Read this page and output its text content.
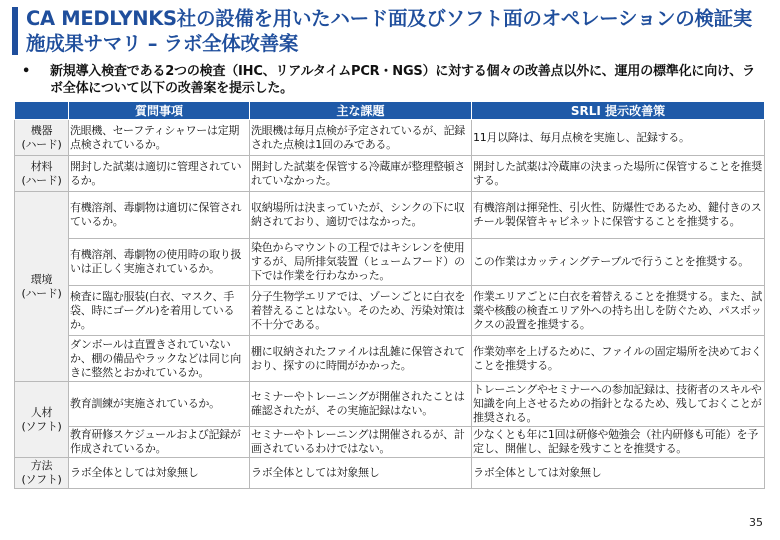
CA MEDLYNKS社の設備を用いたハード面及びソフト面のオペレーションの検証実施成果サマリ – ラボ全体改善案
• 新規導入検査である2つの検査（IHC、リアルタイムPCR・NGS）に対する個々の改善点以外に、運用の標準化に向け、ラボ全体について以下の改善案を提示した。
	質問事項	主な課題	SRLI 提示改善策
機器
(ハード)	洗眼機、セーフティシャワーは定期点検されているか。	洗眼機は毎月点検が予定されているが、記録された点検は1回のみである。	11月以降は、毎月点検を実施し、記録する。
材料
(ハード)	開封した試薬は適切に管理されているか。	開封した試薬を保管する冷蔵庫が整理整頓されていなかった。	開封した試薬は冷蔵庫の決まった場所に保管することを推奨する。
環境
(ハード)	有機溶剤、毒劇物は適切に保管されているか。	収納場所は決まっていたが、シンクの下に収納されており、適切ではなかった。	有機溶剤は揮発性、引火性、防爆性であるため、鍵付きのスチール製保管キャビネットに保管することを推奨する。
	有機溶剤、毒劇物の使用時の取り扱いは正しく実施されているか。	染色からマウントの工程ではキシレンを使用するが、局所排気装置（ヒュームフード）の下では作業を行わなかった。	この作業はカッティングテーブルで行うことを推奨する。
	検査に臨む服装(白衣、マスク、手袋、時にゴーグル)を着用しているか。	分子生物学エリアでは、ゾーンごとに白衣を着替えることはない。そのため、汚染対策は不十分である。	作業エリアごとに白衣を着替えることを推奨する。また、試薬や核酸の検査エリア外への持ち出しを防ぐため、パスボックスの設置を推奨する。
	ダンボールは直置きされていないか、棚の備品やラックなどは同じ向きに整然とおかれているか。	棚に収納されたファイルは乱雑に保管されており、探すのに時間がかかった。	作業効率を上げるために、ファイルの固定場所を決めておくことを推奨する。
人材
(ソフト)	教育訓練が実施されているか。	セミナーやトレーニングが開催されたことは確認されたが、その実施記録はない。	トレーニングやセミナーへの参加記録は、技術者のスキルや知識を向上させるための指針となるため、残しておくことが推奨される。
	教育研修スケジュールおよび記録が作成されているか。	セミナーやトレーニングは開催されるが、計画されているわけではない。	少なくとも年に1回は研修や勉強会（社内研修も可能）を予定し、開催し、記録を残すことを推奨する。
方法
(ソフト)	ラボ全体としては対象無し	ラボ全体としては対象無し	ラボ全体としては対象無し
35
